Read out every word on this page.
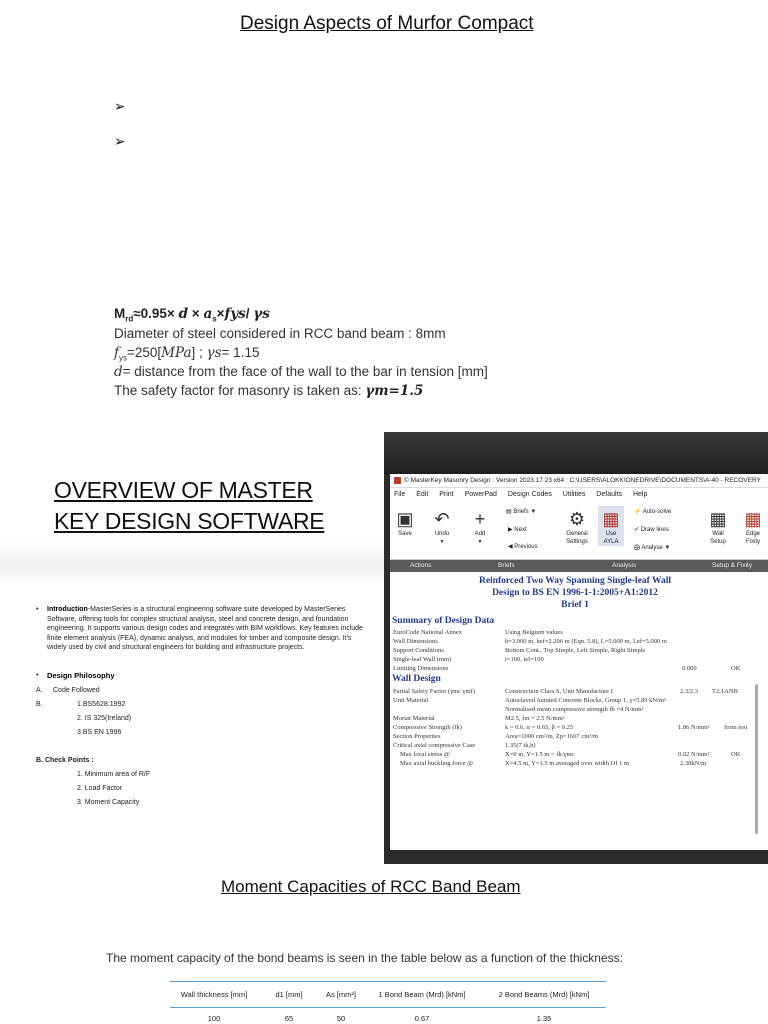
Design Aspects of Murfor Compact
➢
➢
$M_{rd}\approx 0.95\times d \times a_s\times fys/$ γs
Diameter of steel considered in RCC band beam : 8mm
$f_{ys}=250[MPa]$ ; γs= 1.15
d= distance from the face of the wall to the bar in tension [mm]
The safety factor for masonry is taken as: γm=1.5
OVERVIEW OF MASTER
KEY DESIGN SOFTWARE
• Introduction-MasterSeries is a structural engineering software suite developed by MasterSeries Software, offering tools for complex structural analysis, steel and concrete design, and foundation engineering. It supports various design codes and integrates with BIM workflows. Key features include finite element analysis (FEA), dynamic analysis, and modules for timber and composite design. It's widely used by civil and structural engineers for building and infrastructure projects.
• Design Philosophy
A. Code Followed
B.	1.BS5628:1992
2. IS 325(Ireland)
3.BS EN 1996
B. Check Points :
1. Minimum area of R/F
2. Load Factor
3. Moment Capacity
© MasterKey Masonry Design : Version 2023.17.23 x64 : C:\USERS\ALOKK\ONEDRIVE\DOCUMENTS\A-40 - RECOVERY
File Edit Print PowerPad Design Codes Utilities Defaults Help
▣
Save
↶
Undo
▼
+
Add
▼
▤ Briefs ▼
▶ Next
◀ Previous
⚙
General
Settings
▦
Use
AYLA
⚡ Auto-solve
✔ Draw lines
⨁ Analyse ▼
▦
Wall
Setup
▦
Edge
Fixity
Actions	Briefs	Analysis	Setup & Fixity
Reinforced Two Way Spanning Single-leaf Wall
Design to BS EN 1996-1-1:2005+A1:2012
Brief 1
Summary of Design Data
EuroCode National Annex	Using Belgium values
Wall Dimensions	h=3.000 m, hef=2.206 m (Eqn. 5.8), L=5.000 m, Lef=5.000 m
Support Conditions	Bottom Cont., Top Simple, Left Simple, Right Simple
Single-leaf Wall (mm)	t=100, tef=100
Limiting Dimensions	0.000	OK
Wall Design
Partial Safety Factor (γmc γmf)	Construction Class S, Unit Manufacture I	2.3/2.3 T2.1ANB
Unit Material	Autoclaved Aerated Concrete Blocks, Group 1, γ=5.89 kN/m³
Normalised mean compressive strength fb =4 N/mm²
Mortar Material	M2.5, fm = 2.5 N/mm²
Compressive Strength (fk)	k = 0.6, α = 0.65, β = 0.25	1.86 N/mm² from test
Section Properties	Area=1000 cm²/m, Zp=1667 cm³/m
Critical axial compressive Case	1.35(7 tk,h)
Max local stress @	X=0 m, Y=1.5 m < fk/γmc	0.02 N/mm²	OK
Max axial buckling force @	X=4.5 m, Y=1.5 m averaged over width Of 1 m	2.38kN/m
Moment Capacities of RCC Band Beam
The moment capacity of the bond beams is seen in the table below as a function of the thickness:
Wall thickness [mm]	d1 [mm]	As [mm²]	1 Bond Beam (Mrd) [kNm]	2 Bond Beams (Mrd) [kNm]
100	65	50	0.67	1.35
